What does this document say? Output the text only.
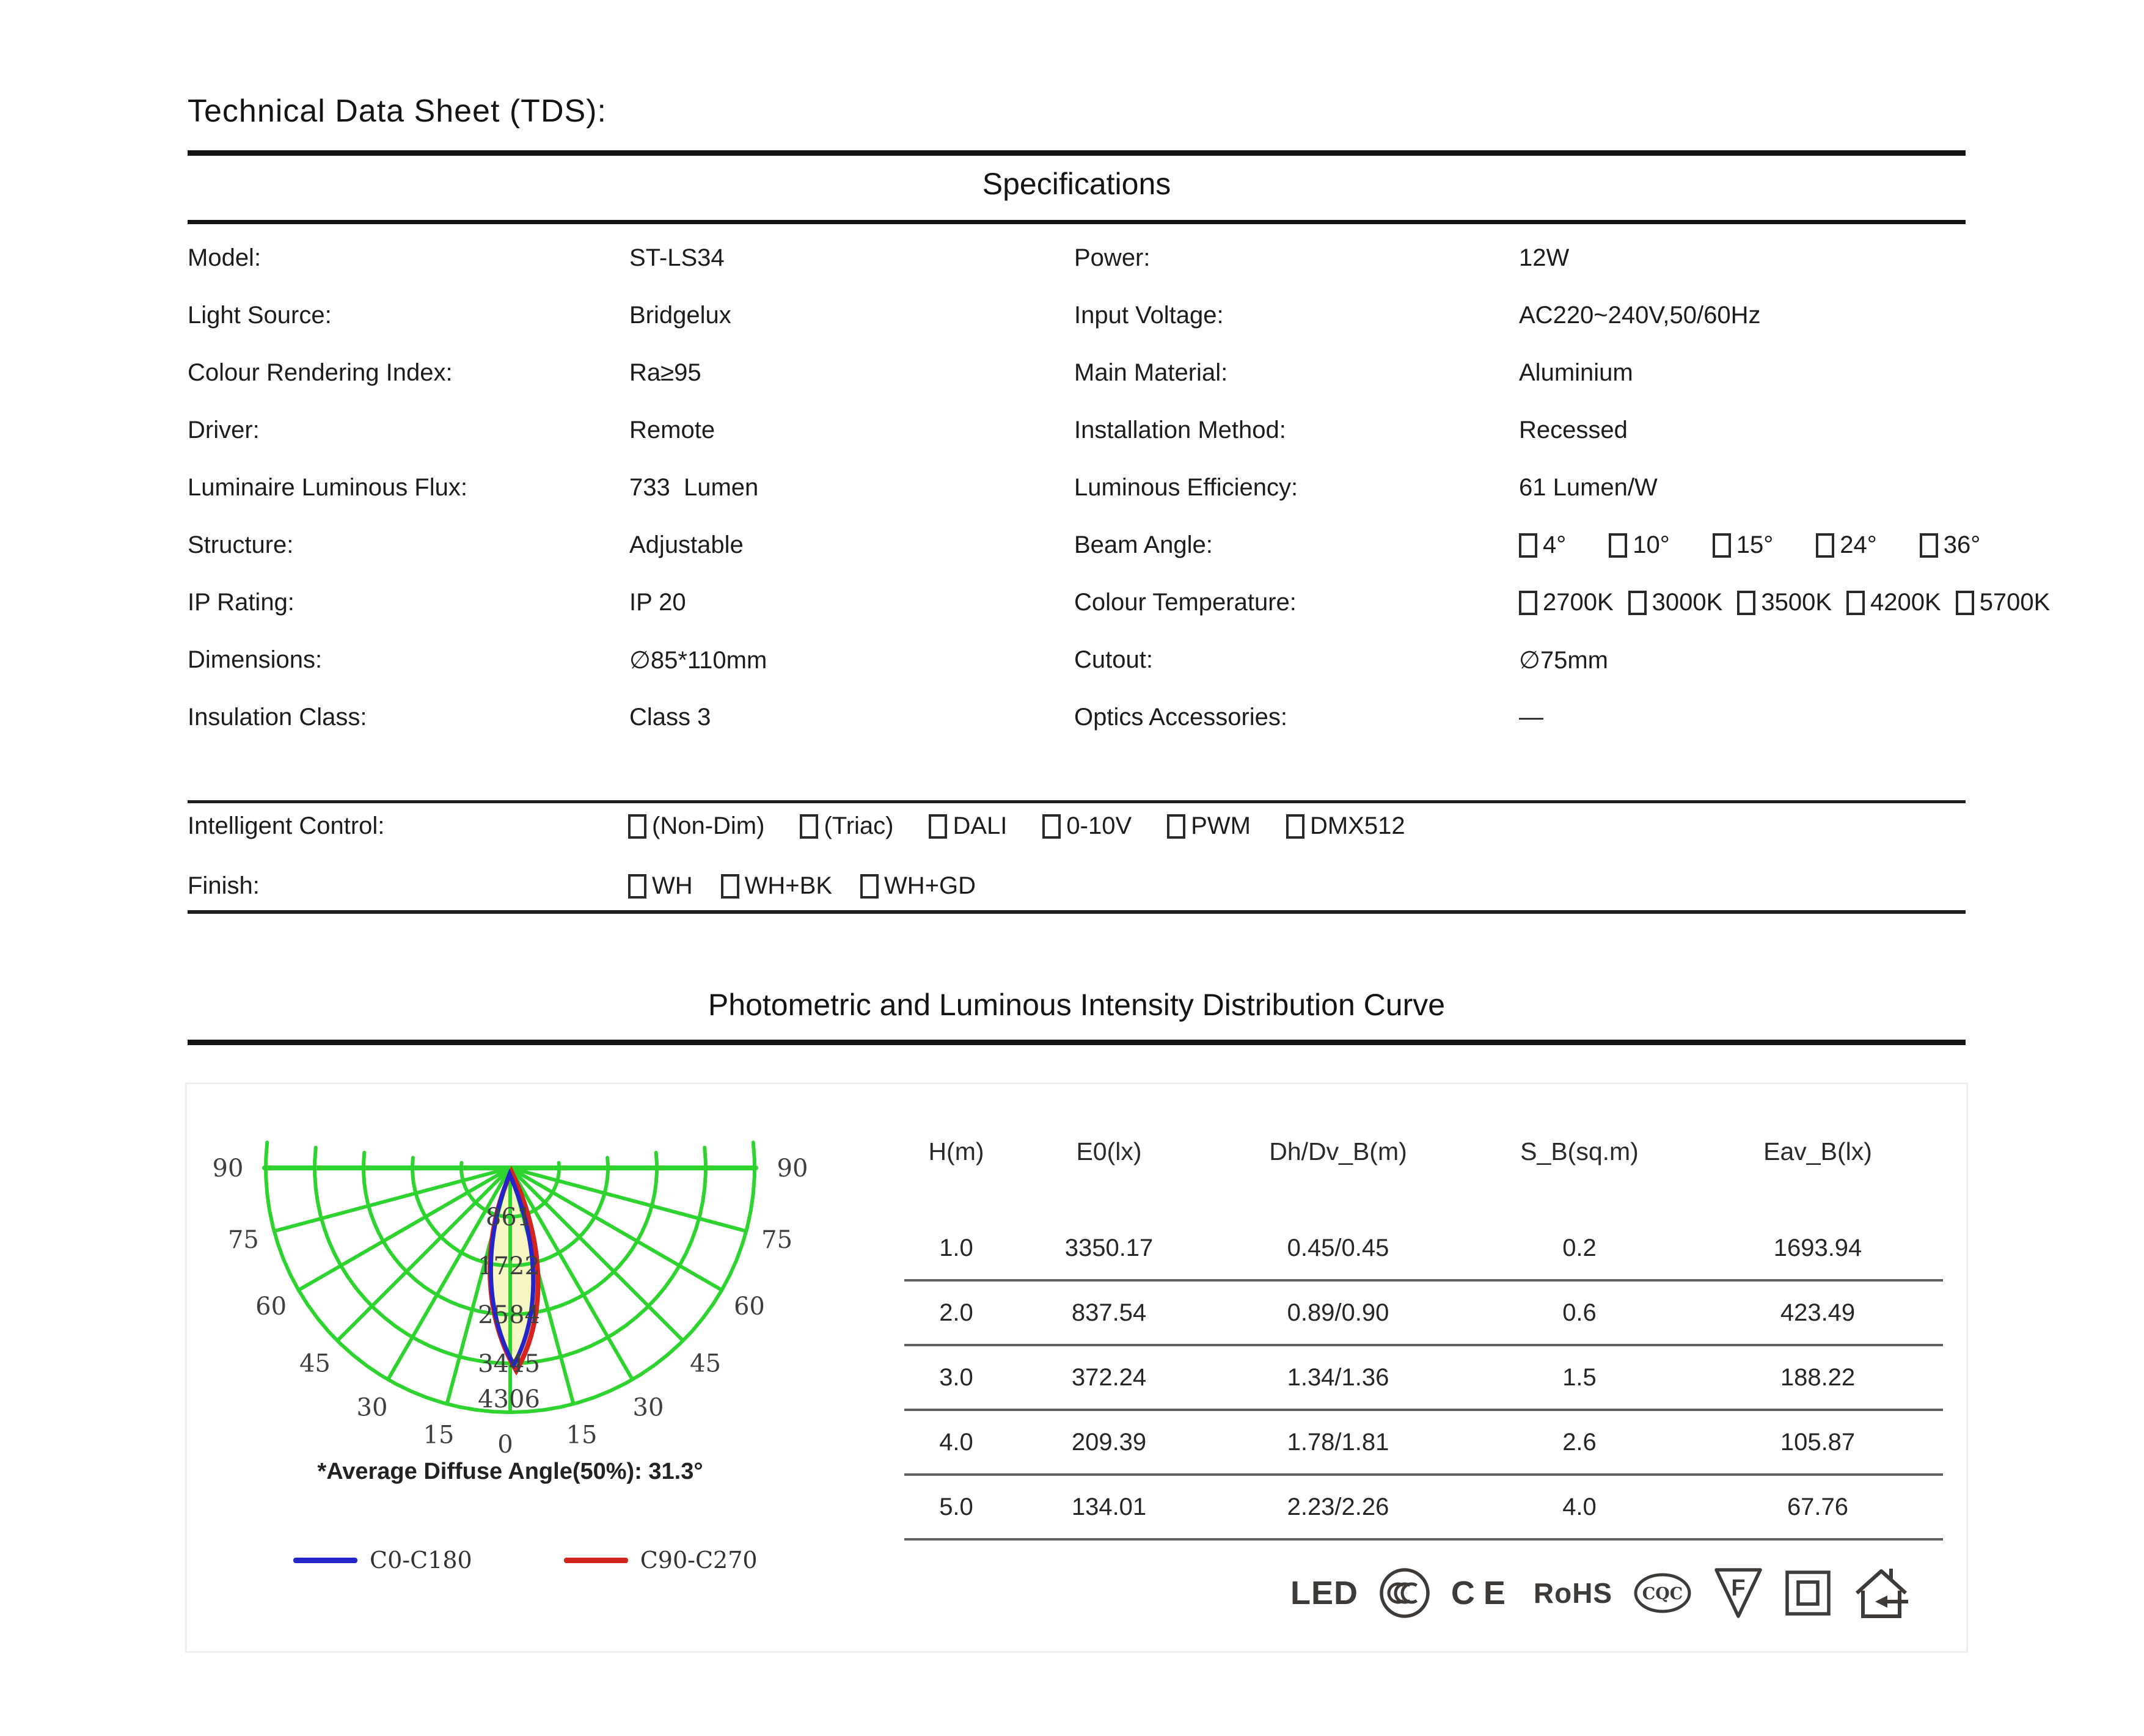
Technical Data Sheet (TDS):
Specifications
Model:	ST-LS34
Light Source:	Bridgelux
Colour Rendering Index:	Ra≥95
Driver:	Remote
Luminaire Luminous Flux:	733  Lumen
Structure:	Adjustable
IP Rating:	IP 20
Dimensions:	∅85*110mm
Insulation Class:	Class 3
Power:	12W
Input Voltage:	AC220~240V,50/60Hz
Main Material:	Aluminium
Installation Method:	Recessed
Luminous Efficiency:	61 Lumen/W
Beam Angle:	4°	10°	15°	24°	36°
Colour Temperature:	2700K 3000K 3500K 4200K 5700K
Cutout:	∅75mm
Optics Accessories:	—
Intelligent Control:	(Non-Dim) (Triac) DALI 0-10V PWM DMX512
Finish:	WH WH+BK WH+GD
Photometric and Luminous Intensity Distribution Curve
861
1722
2584
3445
4306
0
15	15
30	30
45	45
60	60
75	75
90	90
*Average Diffuse Angle(50%): 31.3°
C0-C180	C90-C270
H(m)	E0(lx)	Dh/Dv_B(m)	S_B(sq.m)	Eav_B(lx)
1.0	3350.17	0.45/0.45	0.2	1693.94
2.0	837.54	0.89/0.90	0.6	423.49
3.0	372.24	1.34/1.36	1.5	188.22
4.0	209.39	1.78/1.81	2.6	105.87
5.0	134.01	2.23/2.26	4.0	67.76
LED	CE RoHS CQC F
